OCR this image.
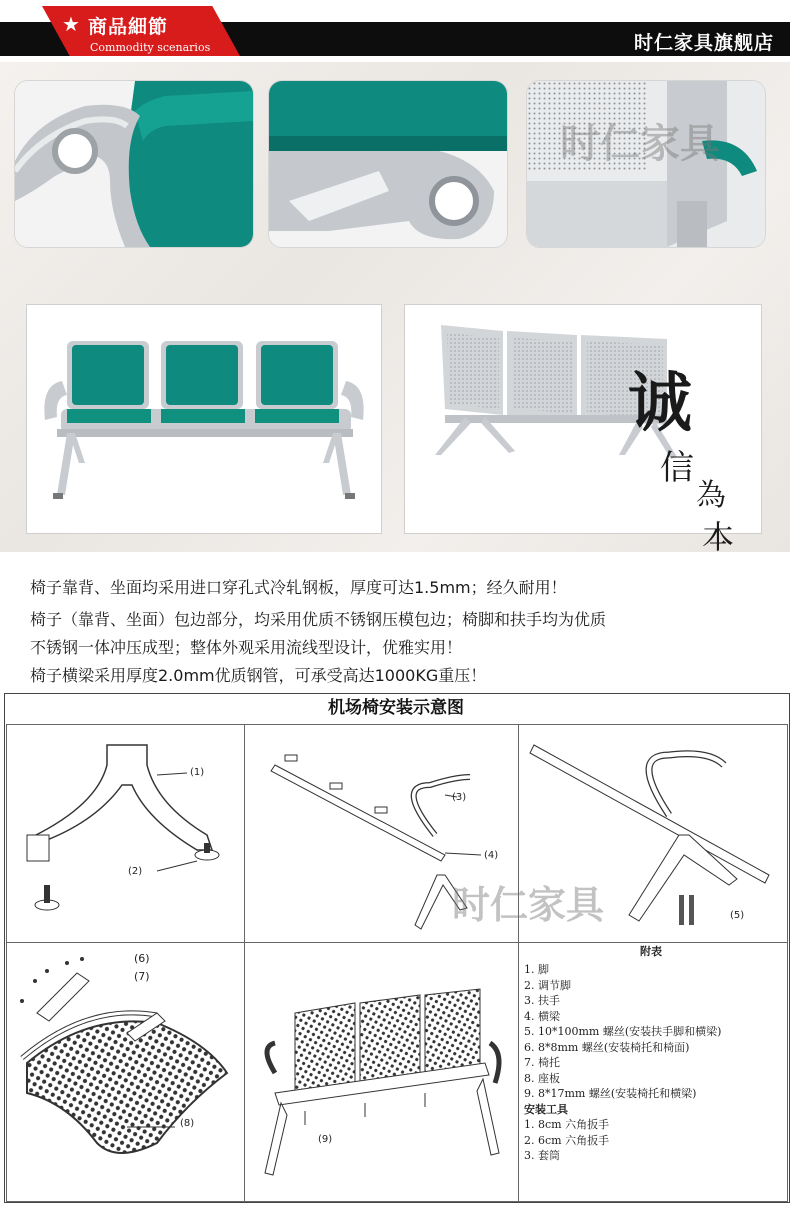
★ 商品細節
Commodity scenarios	时仁家具旗舰店
时仁家具
诚
信
為
本
椅子靠背、坐面均采用进口穿孔式冷轧钢板，厚度可达1.5mm；经久耐用！
椅子（靠背、坐面）包边部分，均采用优质不锈钢压模包边；椅脚和扶手均为优质
不锈钢一体冲压成型；整体外观采用流线型设计，优雅实用！
椅子横梁采用厚度2.0mm优质钢管，可承受高达1000KG重压！
机场椅安装示意图
(1)
(2)
(3)
(4)
(5)
时仁家具
(6)
(7)
(8)
(9)
附表
1. 脚
2. 调节脚
3. 扶手
4. 横梁
5. 10*100mm 螺丝(安装扶手脚和横梁)
6. 8*8mm 螺丝(安装椅托和椅面)
7. 椅托
8. 座板
9. 8*17mm 螺丝(安装椅托和横梁)
安装工具
1. 8cm 六角扳手
2. 6cm 六角扳手
3. 套筒
